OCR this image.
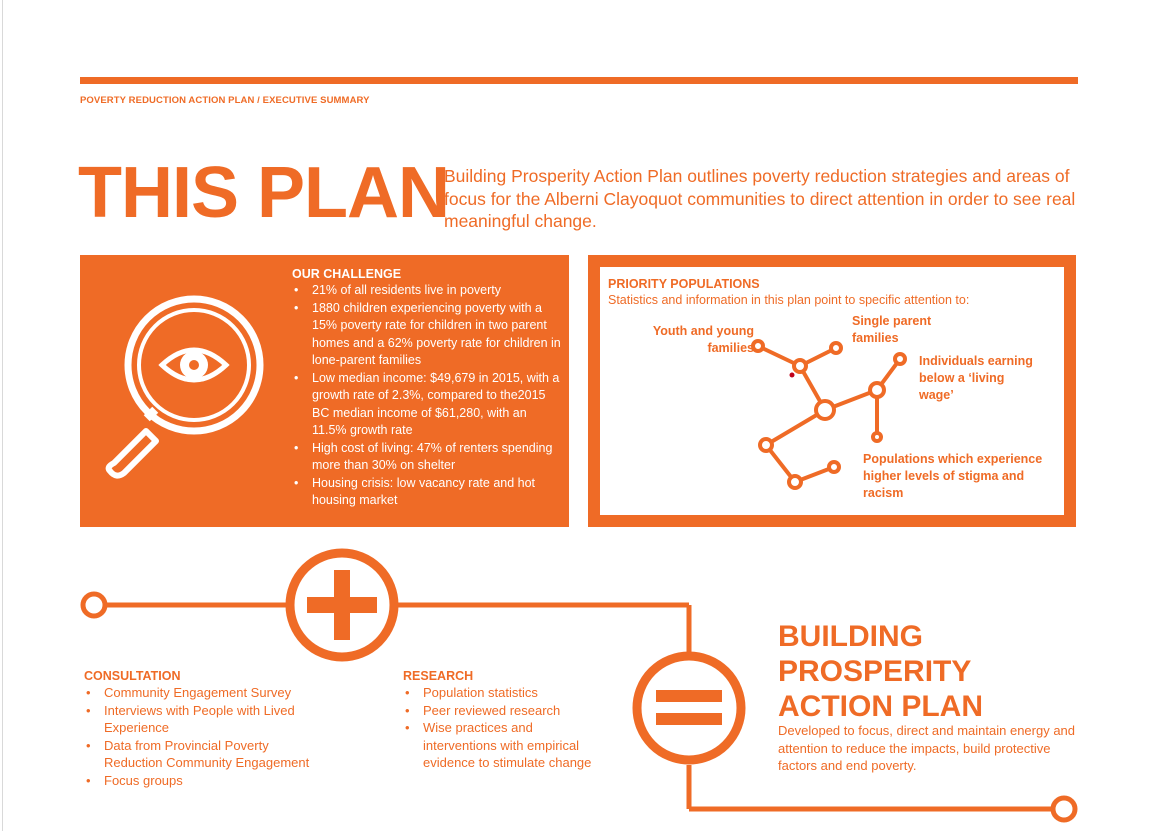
POVERTY REDUCTION ACTION PLAN / EXECUTIVE SUMMARY
THIS PLAN

Building Prosperity Action Plan outlines poverty reduction strategies and areas of focus for the Alberni Clayoquot communities to direct attention in order to see real meaningful change.

OUR CHALLENGE
• 21% of all residents live in poverty
• 1880 children experiencing poverty with a 15% poverty rate for children in two parent homes and a 62% poverty rate for children in lone-parent families
• Low median income: $49,679 in 2015, with a growth rate of 2.3%, compared to the2015 BC median income of $61,280, with an 11.5% growth rate
• High cost of living: 47% of renters spending more than 30% on shelter
• Housing crisis: low vacancy rate and hot housing market
PRIORITY POPULATIONS
Statistics and information in this plan point to specific attention to:
Youth and young families
Single parent families
Individuals earning below a ‘living wage’
Populations which experience higher levels of stigma and racism
CONSULTATION
• Community Engagement Survey
• Interviews with People with Lived Experience
• Data from Provincial Poverty Reduction Community Engagement
• Focus groups
RESEARCH
• Population statistics
• Peer reviewed research
• Wise practices and interventions with empirical evidence to stimulate change
BUILDING
PROSPERITY
ACTION PLAN

Developed to focus, direct and maintain energy and attention to reduce the impacts, build protective factors and end poverty.
